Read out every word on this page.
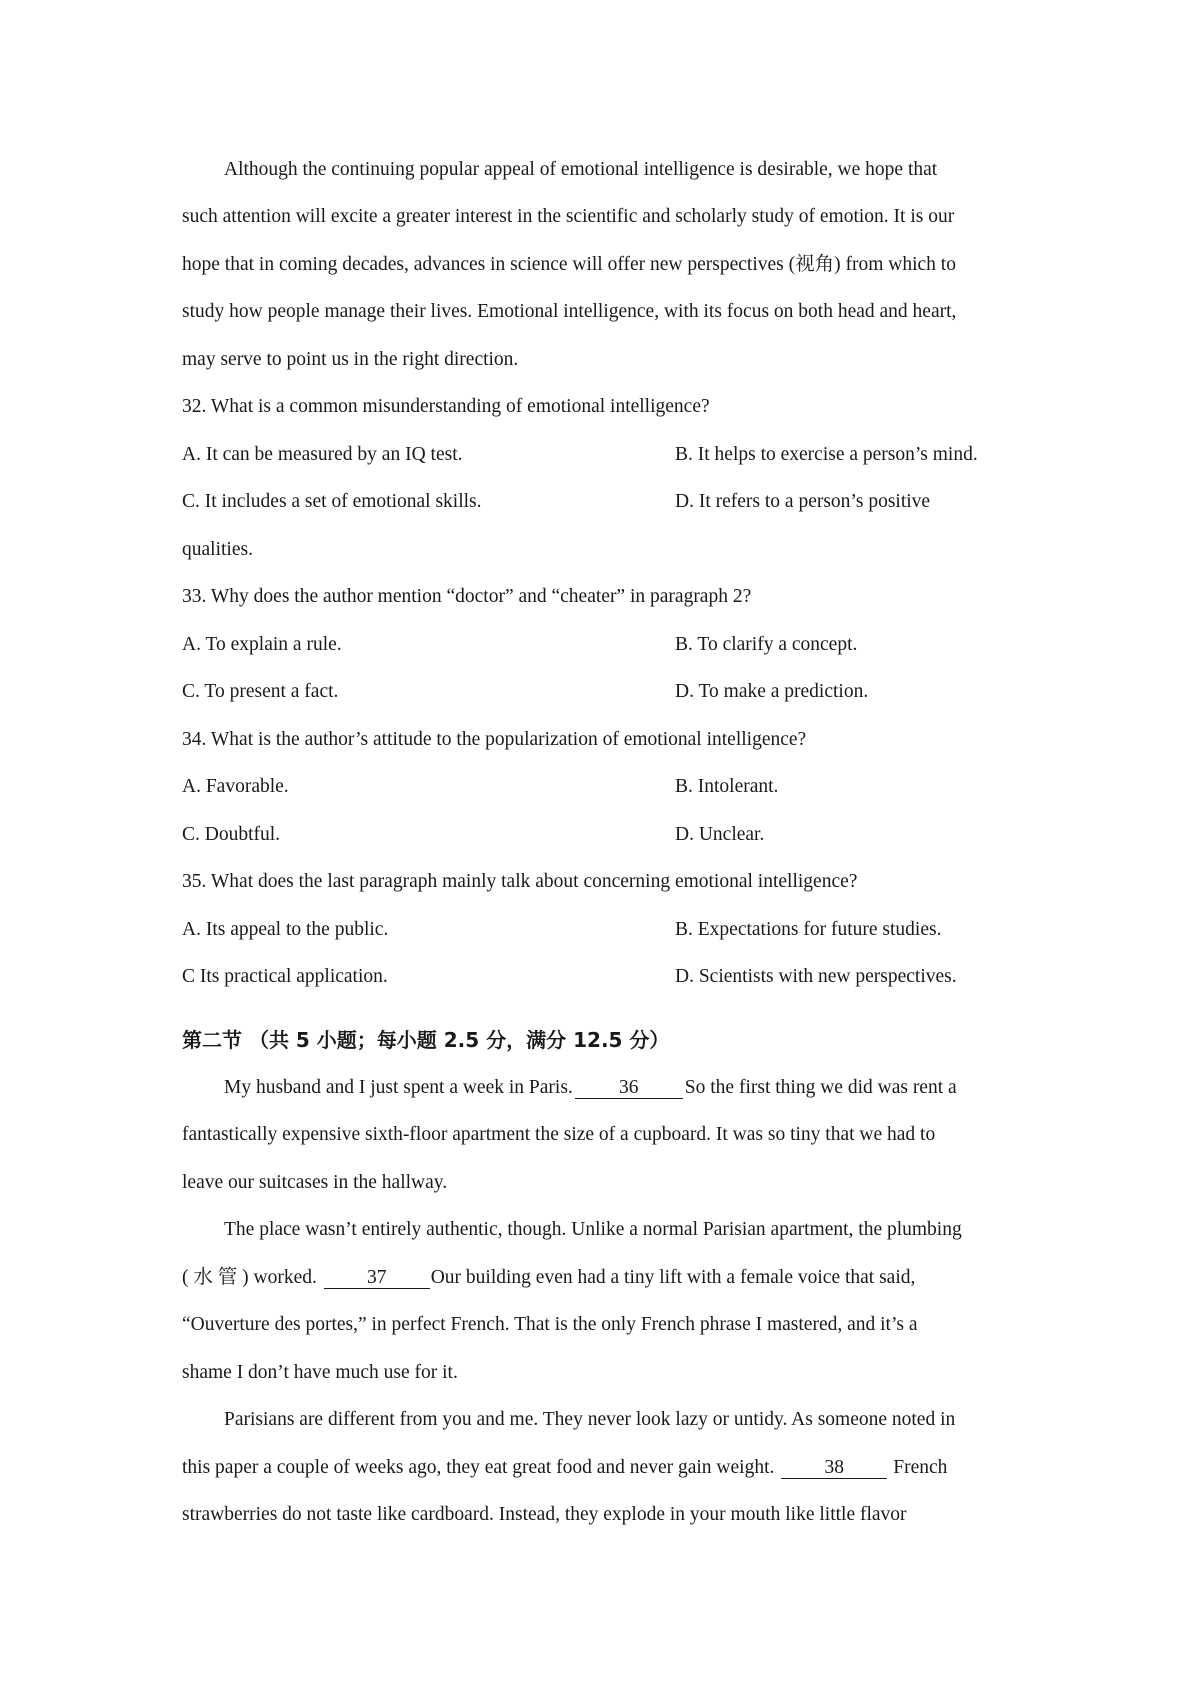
Although the continuing popular appeal of emotional intelligence is desirable, we hope that
such attention will excite a greater interest in the scientific and scholarly study of emotion. It is our
hope that in coming decades, advances in science will offer new perspectives (视角) from which to
study how people manage their lives. Emotional intelligence, with its focus on both head and heart,
may serve to point us in the right direction.
32. What is a common misunderstanding of emotional intelligence?
A. It can be measured by an IQ test.	B. It helps to exercise a person’s mind.
C. It includes a set of emotional skills.	D. It refers to a person’s positive
qualities.
33. Why does the author mention “doctor” and “cheater” in paragraph 2?
A. To explain a rule.	B. To clarify a concept.
C. To present a fact.	D. To make a prediction.
34. What is the author’s attitude to the popularization of emotional intelligence?
A. Favorable.	B. Intolerant.
C. Doubtful.	D. Unclear.
35. What does the last paragraph mainly talk about concerning emotional intelligence?
A. Its appeal to the public.	B. Expectations for future studies.
C Its practical application.	D. Scientists with new perspectives.
第二节 （共 5 小题；每小题 2.5 分，满分 12.5 分）
My husband and I just spent a week in Paris. 36 So the first thing we did was rent a
fantastically expensive sixth-floor apartment the size of a cupboard. It was so tiny that we had to
leave our suitcases in the hallway.
The place wasn’t entirely authentic, though. Unlike a normal Parisian apartment, the plumbing
( 水 管 ) worked.	37 Our building even had a tiny lift with a female voice that said,
“Ouverture des portes,” in perfect French. That is the only French phrase I mastered, and it’s a
shame I don’t have much use for it.
Parisians are different from you and me. They never look lazy or untidy. As someone noted in
this paper a couple of weeks ago, they eat great food and never gain weight.	38	French
strawberries do not taste like cardboard. Instead, they explode in your mouth like little flavor
